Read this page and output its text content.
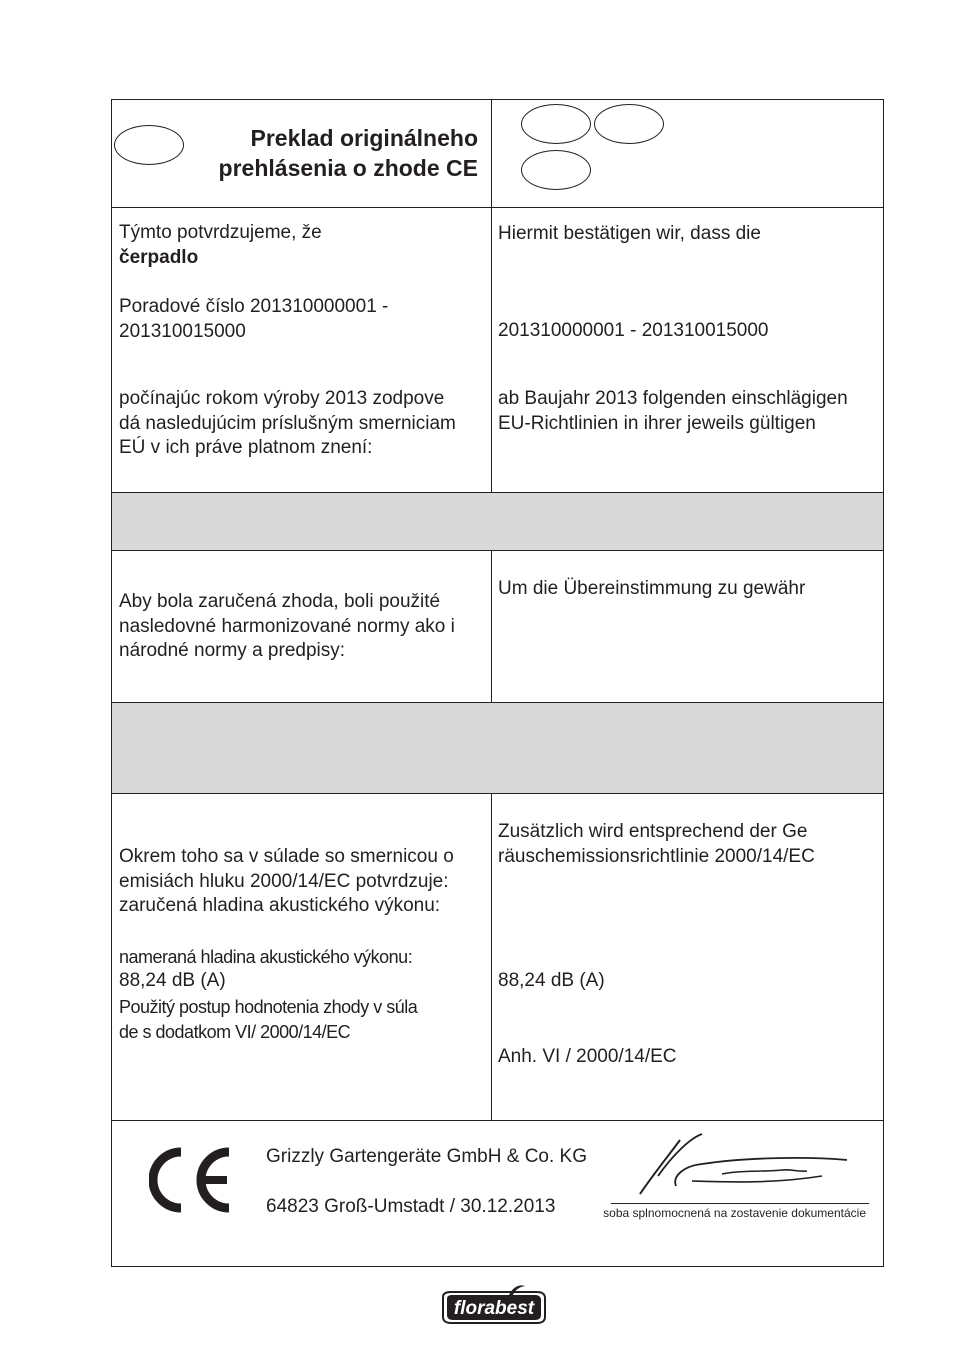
Preklad originálneho
prehlásenia o zhode CE
Týmto potvrdzujeme, že
čerpadlo
Poradové číslo 201310000001 -
201310015000
počínajúc rokom výroby 2013 zodpove
dá nasledujúcim príslušným smerniciam
EÚ v ich práve platnom znení:
Hiermit bestätigen wir, dass die
201310000001 - 201310015000
ab Baujahr 2013 folgenden einschlägigen
EU-Richtlinien in ihrer jeweils gültigen
Aby bola zaručená zhoda, boli použité
nasledovné harmonizované normy ako i
národné normy a predpisy:
Um die Übereinstimmung zu gewähr
Okrem toho sa v súlade so smernicou o
emisiách hluku 2000/14/EC potvrdzuje:
zaručená hladina akustického výkonu:
nameraná hladina akustického výkonu:
88,24 dB (A)
Použitý postup hodnotenia zhody v súla
de s dodatkom VI/ 2000/14/EC
Zusätzlich wird entsprechend der Ge
räuschemissionsrichtlinie 2000/14/EC
88,24 dB (A)
Anh. VI / 2000/14/EC
Grizzly Gartengeräte GmbH & Co. KG
64823 Groß-Umstadt / 30.12.2013	soba splnomocnená na zostavenie dokumentácie
florabest
